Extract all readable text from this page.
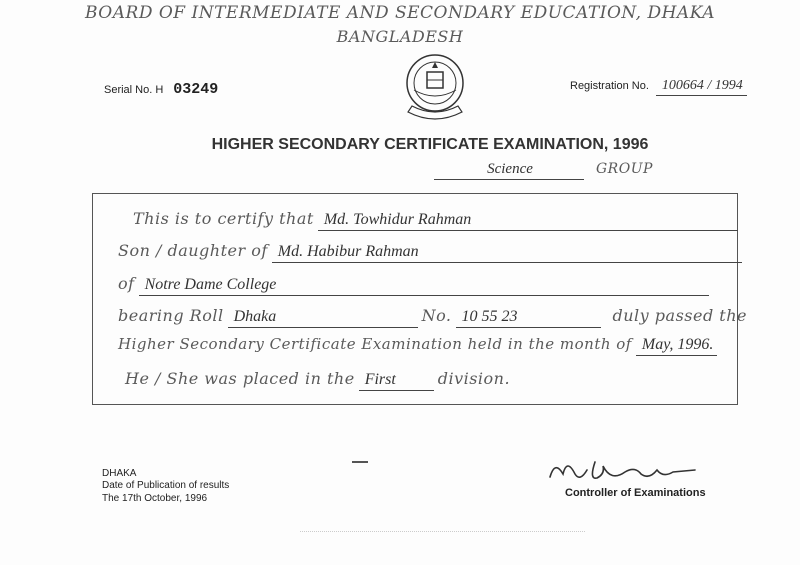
BOARD OF INTERMEDIATE AND SECONDARY EDUCATION, DHAKA
BANGLADESH
Serial No. H 03249	Registration No. 100664 / 1994
HIGHER SECONDARY CERTIFICATE EXAMINATION, 1996
Science	GROUP
This is to certify that Md. Towhidur Rahman
Son / daughter of Md. Habibur Rahman
of Notre Dame College
bearing Roll Dhaka	No. 10 55 23	duly passed the
Higher Secondary Certificate Examination held in the month of May, 1996.
He / She was placed in the First	division.
DHAKA
Date of Publication of results
The 17th October, 1996	Controller of Examinations
